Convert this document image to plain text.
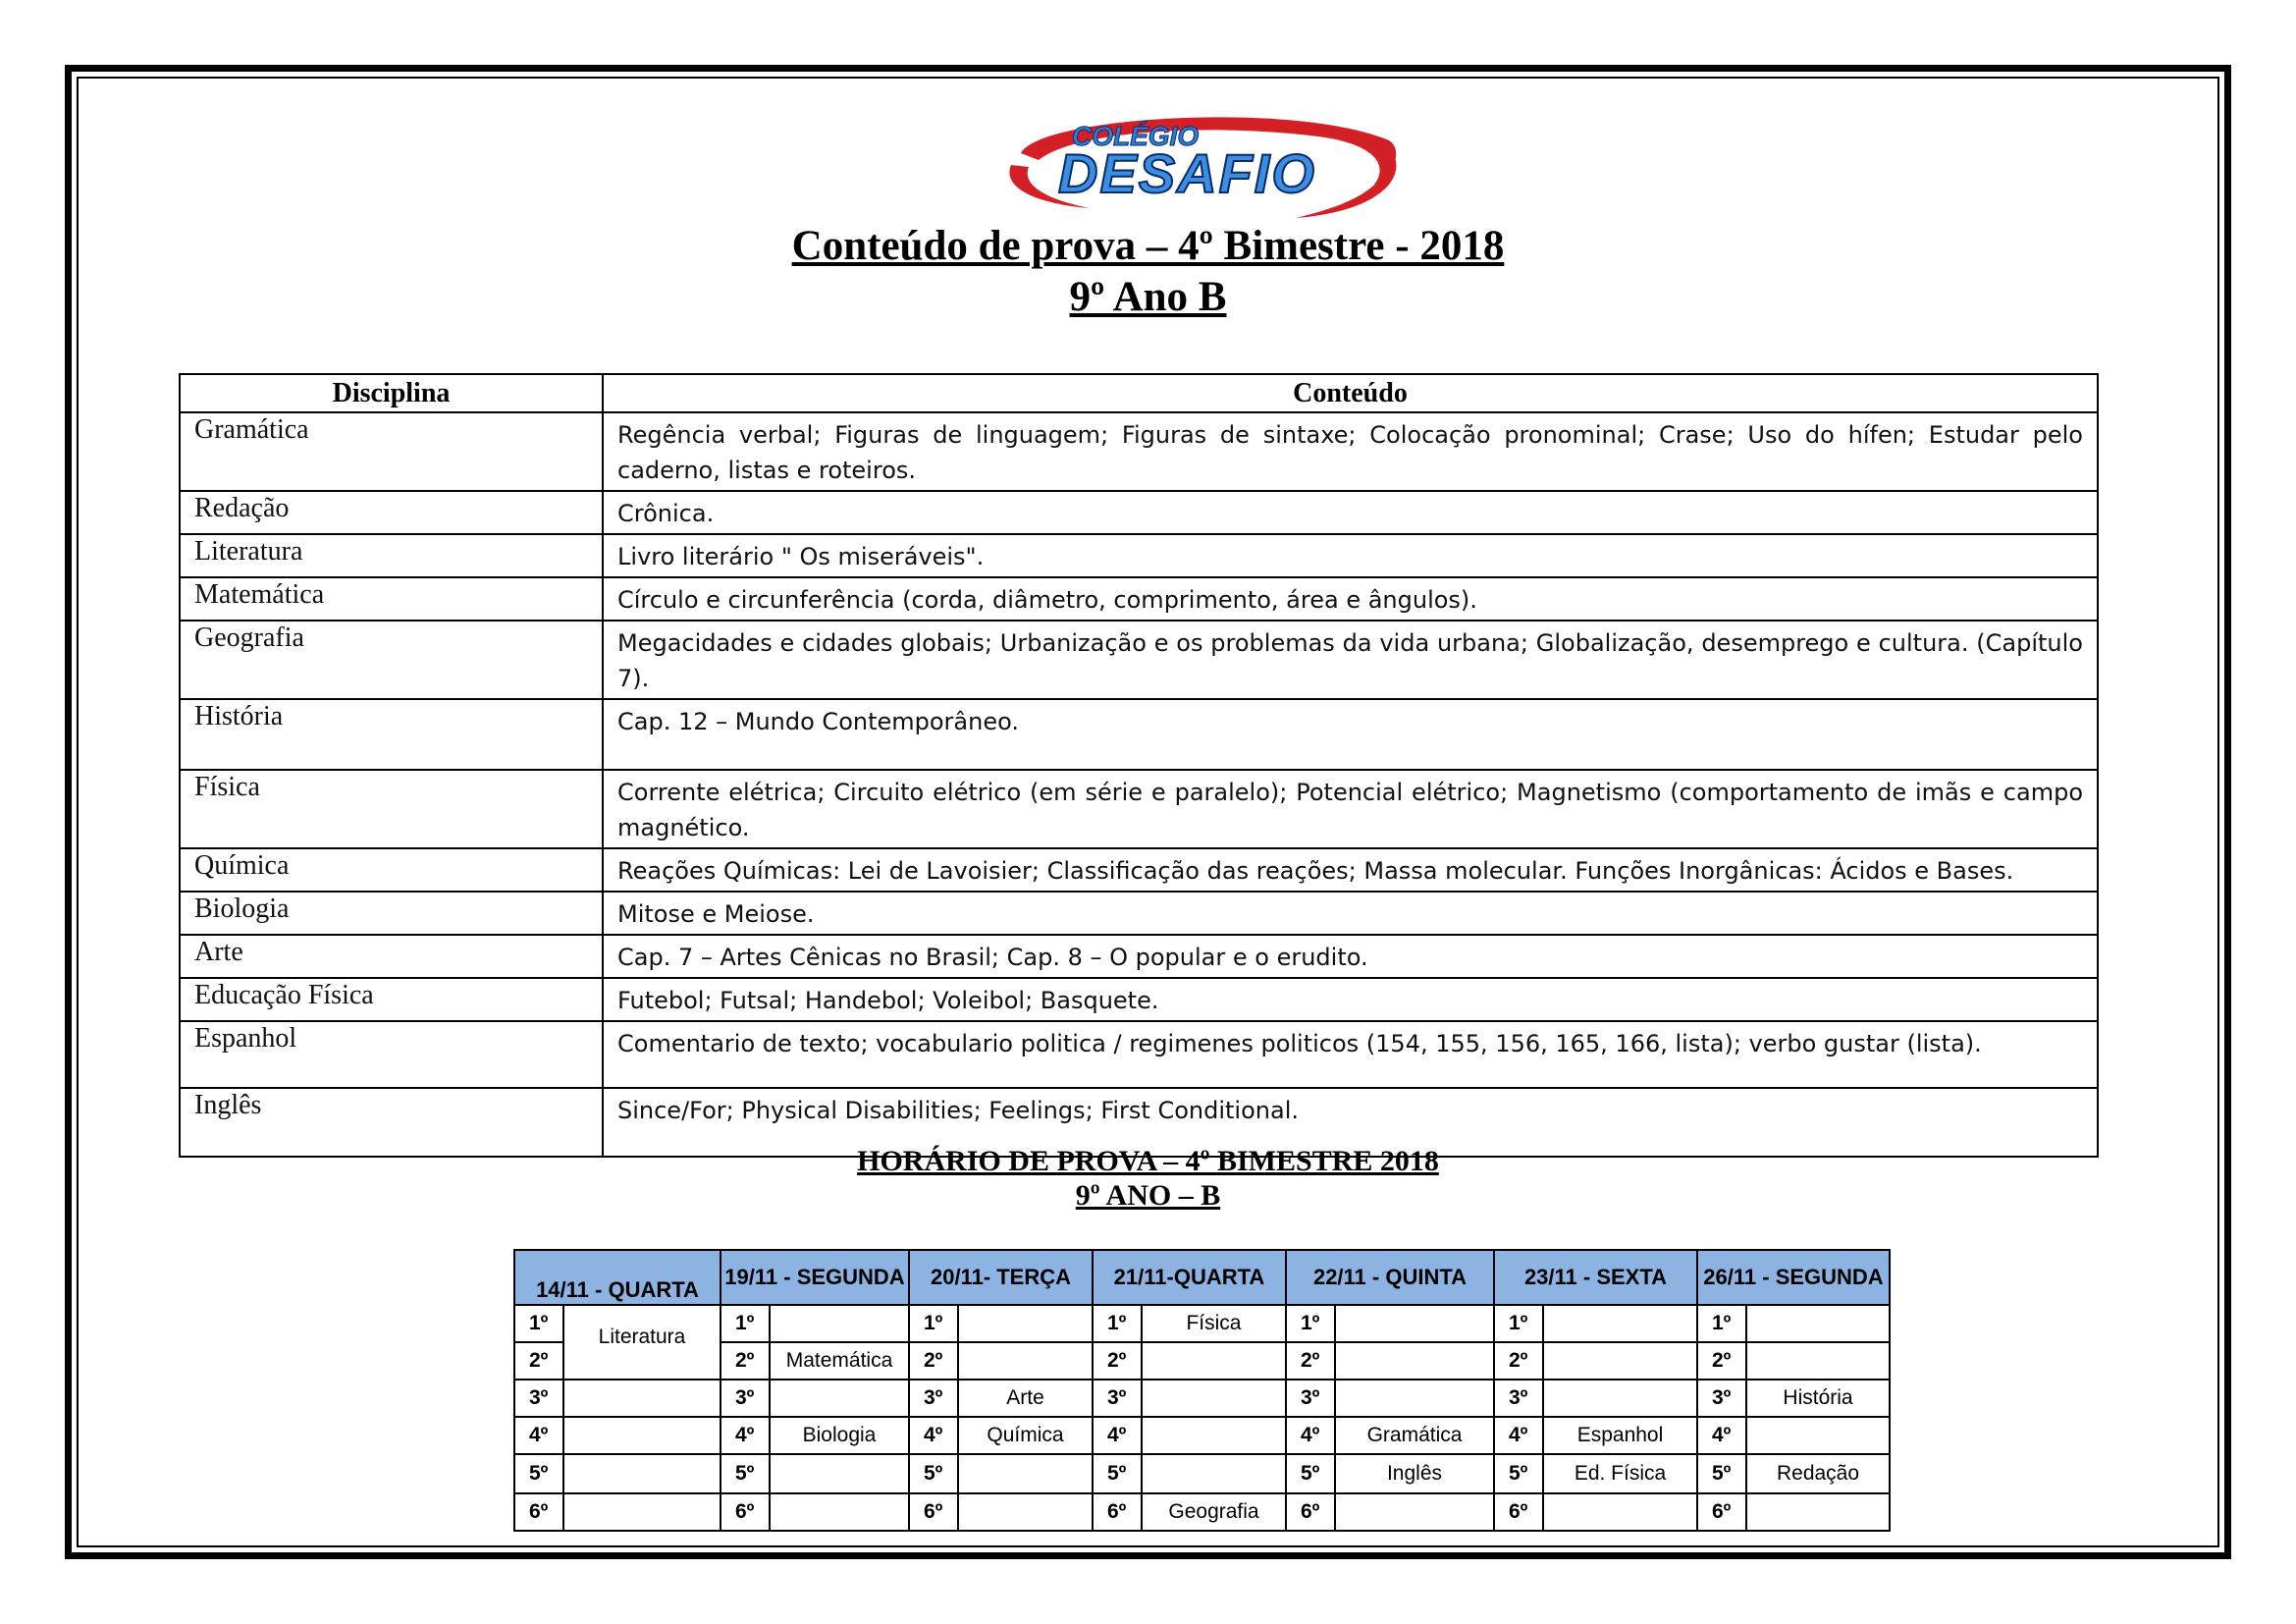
COLÉGIO
DESAFIO
Conteúdo de prova – 4º Bimestre - 2018
9º Ano B
Disciplina	Conteúdo
Gramática	Regência verbal; Figuras de linguagem; Figuras de sintaxe; Colocação pronominal; Crase; Uso do hífen; Estudar pelo caderno, listas e roteiros.
Redação	Crônica.
Literatura	Livro literário " Os miseráveis".
Matemática	Círculo e circunferência (corda, diâmetro, comprimento, área e ângulos).
Geografia	Megacidades e cidades globais; Urbanização e os problemas da vida urbana; Globalização, desemprego e cultura. (Capítulo 7).
História	Cap. 12 – Mundo Contemporâneo.
Física	Corrente elétrica; Circuito elétrico (em série e paralelo); Potencial elétrico; Magnetismo (comportamento de imãs e campo magnético.
Química	Reações Químicas: Lei de Lavoisier; Classificação das reações; Massa molecular. Funções Inorgânicas: Ácidos e Bases.
Biologia	Mitose e Meiose.
Arte	Cap. 7 – Artes Cênicas no Brasil; Cap. 8 – O popular e o erudito.
Educação Física	Futebol; Futsal; Handebol; Voleibol; Basquete.
Espanhol	Comentario de texto; vocabulario politica / regimenes politicos (154, 155, 156, 165, 166, lista); verbo gustar (lista).
Inglês	Since/For; Physical Disabilities; Feelings; First Conditional.
HORÁRIO DE PROVA – 4º BIMESTRE 2018
9º ANO – B
14/11 - QUARTA		19/11 - SEGUNDA		20/11- TERÇA		21/11-QUARTA		22/11 - QUINTA		23/11 - SEXTA		26/11 - SEGUNDA	
1º	Literatura	1º		1º		1º	Física	1º		1º		1º	
2º		2º	Matemática	2º		2º		2º		2º		2º	
3º		3º		3º	Arte	3º		3º		3º		3º	História
4º		4º	Biologia	4º	Química	4º		4º	Gramática	4º	Espanhol	4º	
5º		5º		5º		5º		5º	Inglês	5º	Ed. Física	5º	Redação
6º		6º		6º		6º	Geografia	6º		6º		6º	
